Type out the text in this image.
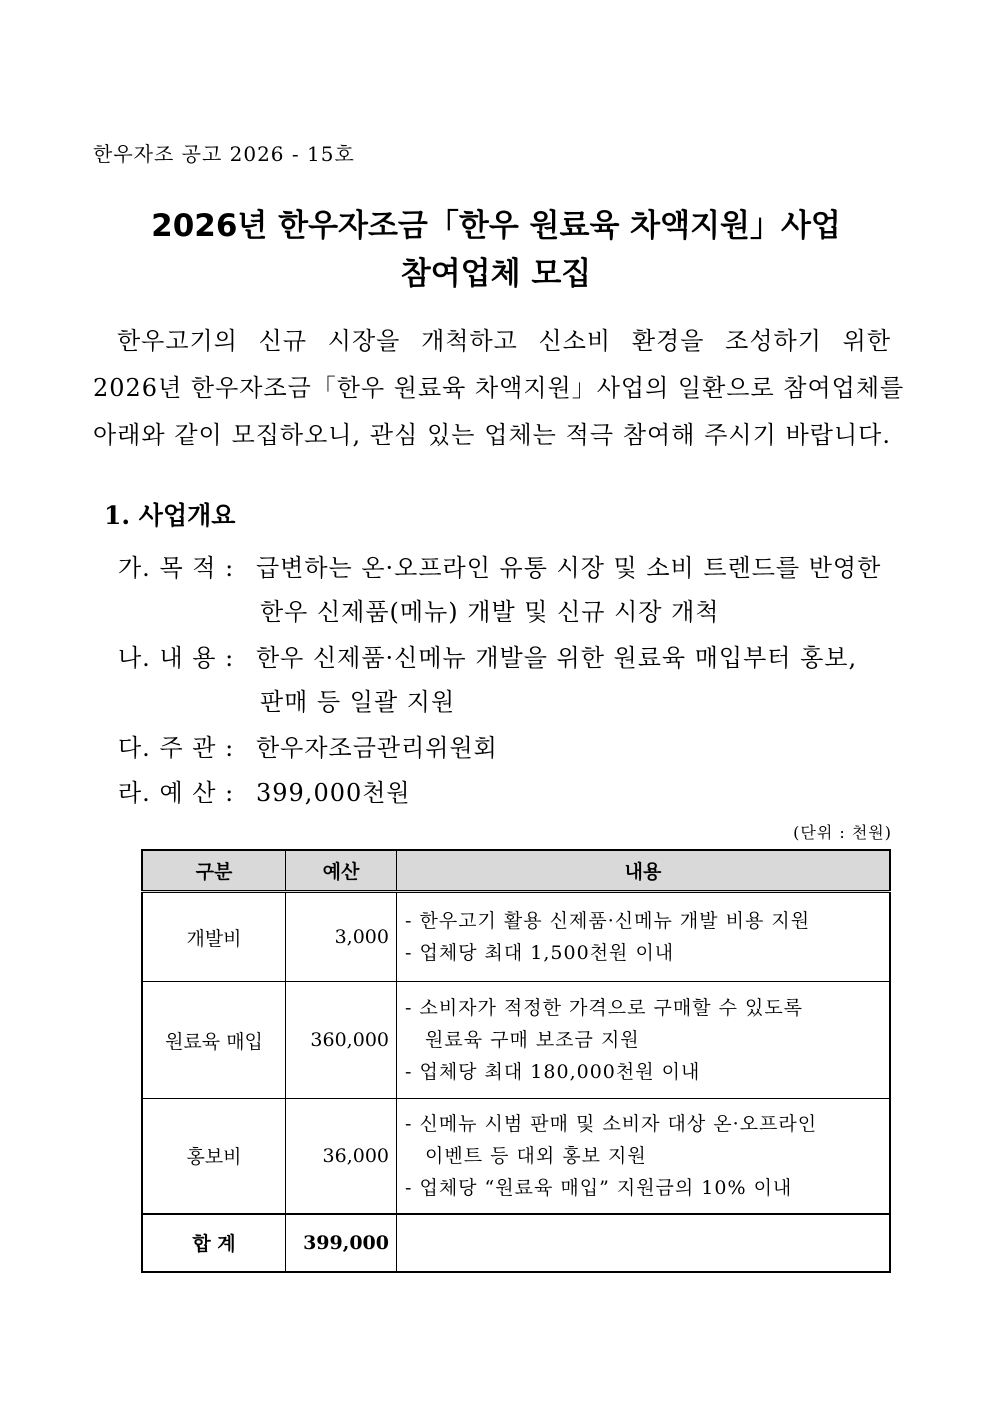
한우자조 공고 2026 - 15호
2026년 한우자조금「한우 원료육 차액지원」사업
참여업체 모집
한우고기의 신규 시장을 개척하고 신소비 환경을 조성하기 위한
2026년 한우자조금「한우 원료육 차액지원」사업의 일환으로 참여업체를
아래와 같이 모집하오니, 관심 있는 업체는 적극 참여해 주시기 바랍니다.
1. 사업개요
가. 목 적 : 급변하는 온·오프라인 유통 시장 및 소비 트렌드를 반영한
한우 신제품(메뉴) 개발 및 신규 시장 개척
나. 내 용 : 한우 신제품·신메뉴 개발을 위한 원료육 매입부터 홍보,
판매 등 일괄 지원
다. 주 관 : 한우자조금관리위원회
라. 예 산 : 399,000천원
(단위 : 천원)
구분	예산	내용
개발비	3,000	- 한우고기 활용 신제품·신메뉴 개발 비용 지원
- 업체당 최대 1,500천원 이내

원료육 매입	360,000	- 소비자가 적정한 가격으로 구매할 수 있도록
원료육 구매 보조금 지원
- 업체당 최대 180,000천원 이내

홍보비	36,000	- 신메뉴 시범 판매 및 소비자 대상 온·오프라인
이벤트 등 대외 홍보 지원
- 업체당 “원료육 매입” 지원금의 10% 이내

합 계	399,000	
